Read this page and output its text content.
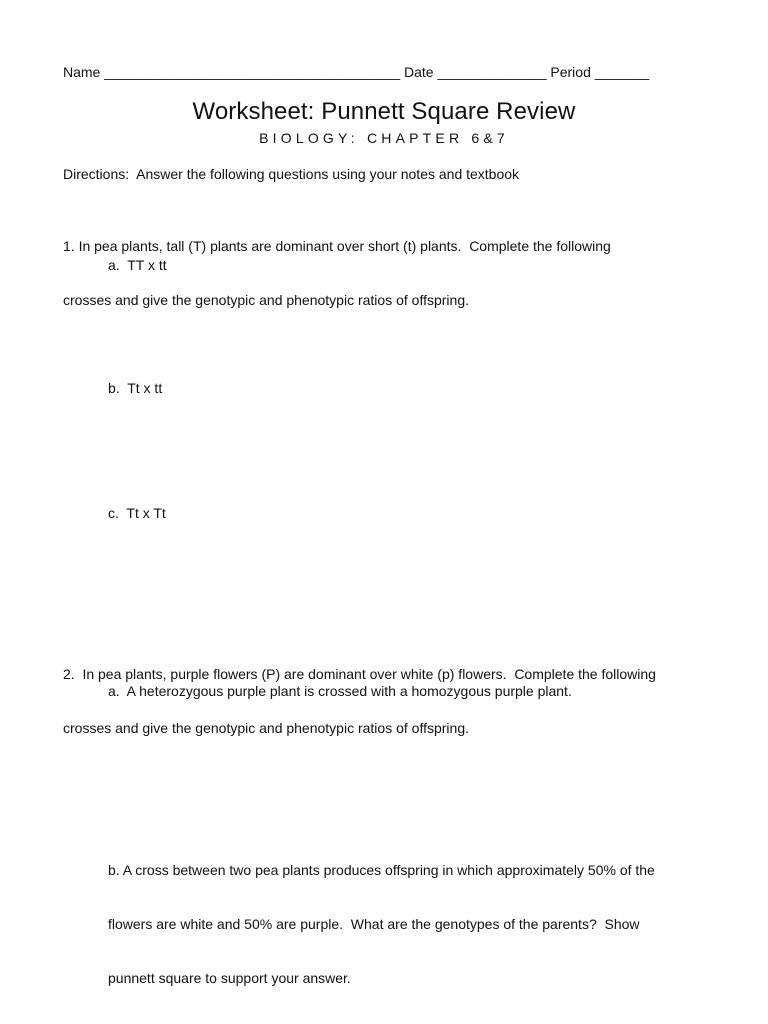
Name ______________________________________ Date ______________ Period _______
Worksheet: Punnett Square Review
BIOLOGY: CHAPTER 6&7
Directions:  Answer the following questions using your notes and textbook

1. In pea plants, tall (T) plants are dominant over short (t) plants.  Complete the following

crosses and give the genotypic and phenotypic ratios of offspring.

a.  TT x tt
b.  Tt x tt
c.  Tt x Tt

2.  In pea plants, purple flowers (P) are dominant over white (p) flowers.  Complete the following

crosses and give the genotypic and phenotypic ratios of offspring.

a.  A heterozygous purple plant is crossed with a homozygous purple plant.

b. A cross between two pea plants produces offspring in which approximately 50% of the

flowers are white and 50% are purple.  What are the genotypes of the parents?  Show

punnett square to support your answer.
